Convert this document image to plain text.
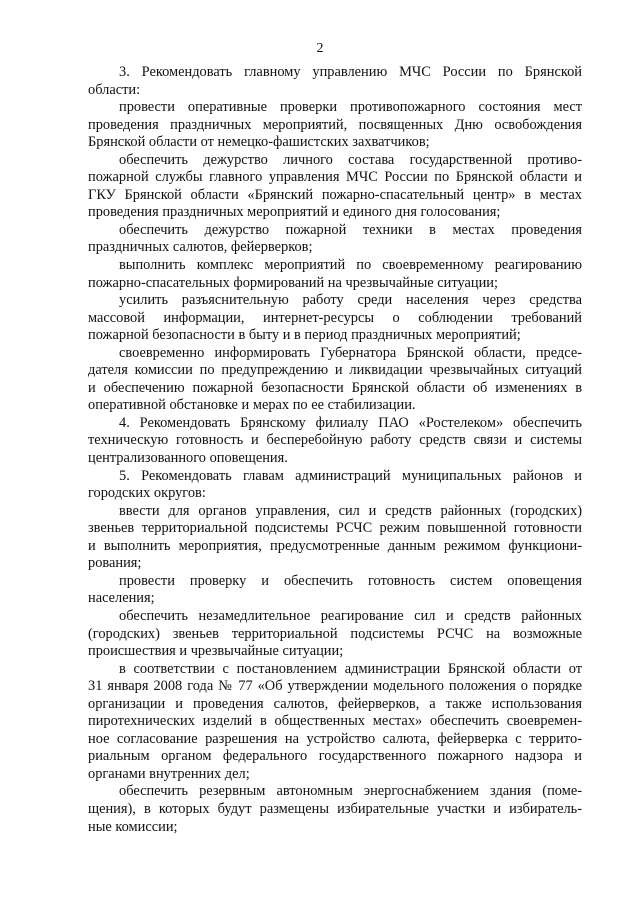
2
3. Рекомендовать главному управлению МЧС России по Брянской
области:
провести оперативные проверки противопожарного состояния мест
проведения праздничных мероприятий, посвященных Дню освобождения
Брянской области от немецко-фашистских захватчиков;
обеспечить дежурство личного состава государственной противо-
пожарной службы главного управления МЧС России по Брянской области и
ГКУ Брянской области «Брянский пожарно-спасательный центр» в местах
проведения праздничных мероприятий и единого дня голосования;
обеспечить дежурство пожарной техники в местах проведения
праздничных салютов, фейерверков;
выполнить комплекс мероприятий по своевременному реагированию
пожарно-спасательных формирований на чрезвычайные ситуации;
усилить разъяснительную работу среди населения через средства
массовой информации, интернет-ресурсы о соблюдении требований
пожарной безопасности в быту и в период праздничных мероприятий;
своевременно информировать Губернатора Брянской области, предсе-
дателя комиссии по предупреждению и ликвидации чрезвычайных ситуаций
и обеспечению пожарной безопасности Брянской области об изменениях в
оперативной обстановке и мерах по ее стабилизации.
4. Рекомендовать Брянскому филиалу ПАО «Ростелеком» обеспечить
техническую готовность и бесперебойную работу средств связи и системы
централизованного оповещения.
5. Рекомендовать главам администраций муниципальных районов и
городских округов:
ввести для органов управления, сил и средств районных (городских)
звеньев территориальной подсистемы РСЧС режим повышенной готовности
и выполнить мероприятия, предусмотренные данным режимом функциони-
рования;
провести проверку и обеспечить готовность систем оповещения
населения;
обеспечить незамедлительное реагирование сил и средств районных
(городских) звеньев территориальной подсистемы РСЧС на возможные
происшествия и чрезвычайные ситуации;
в соответствии с постановлением администрации Брянской области от
31 января 2008 года № 77 «Об утверждении модельного положения о порядке
организации и проведения салютов, фейерверков, а также использования
пиротехнических изделий в общественных местах» обеспечить своевремен-
ное согласование разрешения на устройство салюта, фейерверка с террито-
риальным органом федерального государственного пожарного надзора и
органами внутренних дел;
обеспечить резервным автономным энергоснабжением здания (поме-
щения), в которых будут размещены избирательные участки и избиратель-
ные комиссии;
